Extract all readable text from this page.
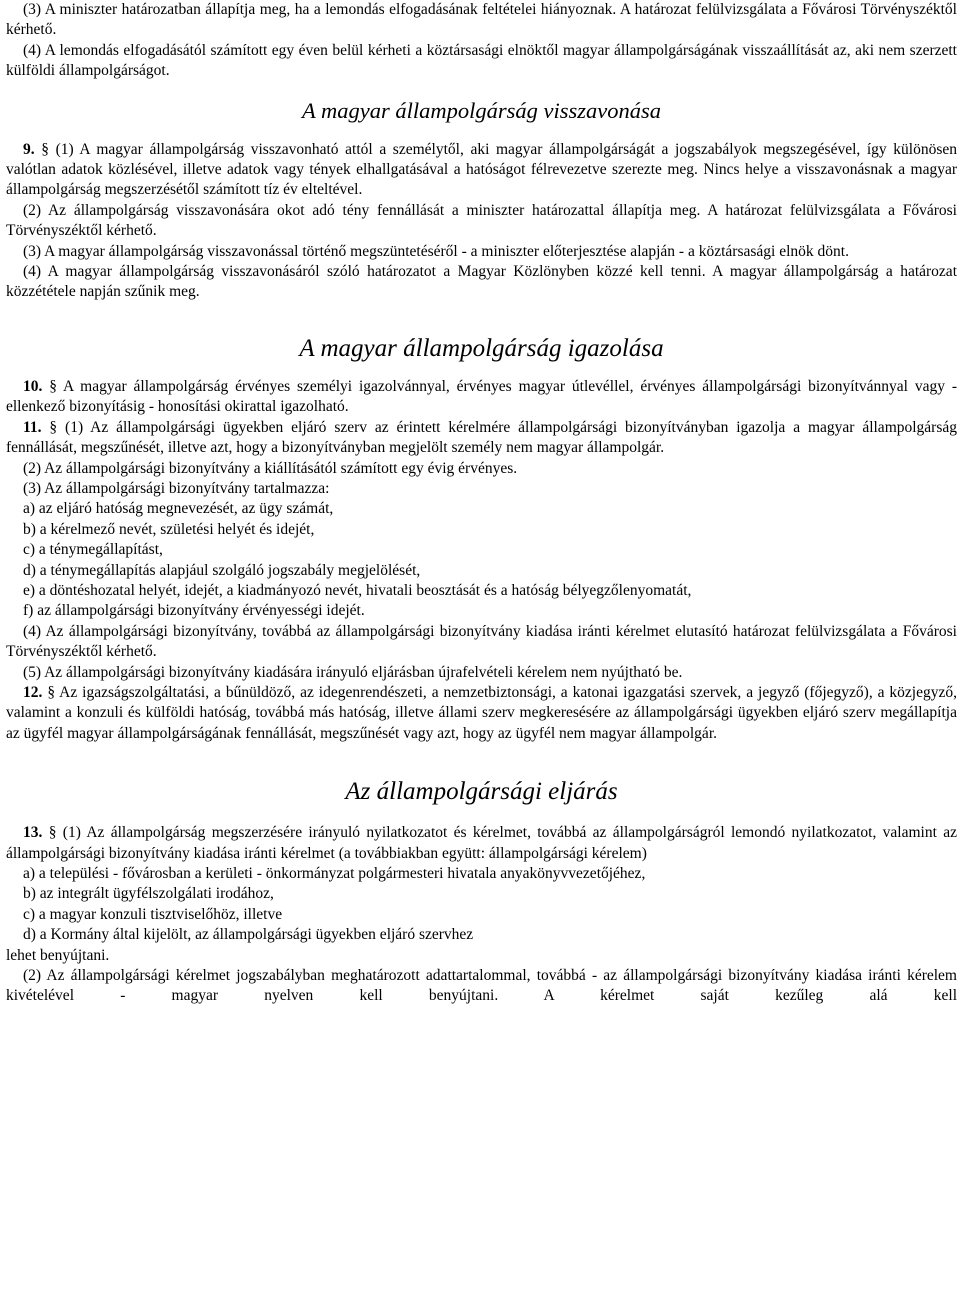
(3) A miniszter határozatban állapítja meg, ha a lemondás elfogadásának feltételei hiányoznak. A határozat felülvizsgálata a Fővárosi Törvényszéktől kérhető.

(4) A lemondás elfogadásától számított egy éven belül kérheti a köztársasági elnöktől magyar állampolgárságának visszaállítását az, aki nem szerzett külföldi állampolgárságot.

A magyar állampolgárság visszavonása

9. § (1) A magyar állampolgárság visszavonható attól a személytől, aki magyar állampolgárságát a jogszabályok megszegésével, így különösen valótlan adatok közlésével, illetve adatok vagy tények elhallgatásával a hatóságot félrevezetve szerezte meg. Nincs helye a visszavonásnak a magyar állampolgárság megszerzésétől számított tíz év elteltével.

(2) Az állampolgárság visszavonására okot adó tény fennállását a miniszter határozattal állapítja meg. A határozat felülvizsgálata a Fővárosi Törvényszéktől kérhető.

(3) A magyar állampolgárság visszavonással történő megszüntetéséről - a miniszter előterjesztése alapján - a köztársasági elnök dönt.

(4) A magyar állampolgárság visszavonásáról szóló határozatot a Magyar Közlönyben közzé kell tenni. A magyar állampolgárság a határozat közzététele napján szűnik meg.

A magyar állampolgárság igazolása

10. § A magyar állampolgárság érvényes személyi igazolvánnyal, érvényes magyar útlevéllel, érvényes állampolgársági bizonyítvánnyal vagy - ellenkező bizonyításig - honosítási okirattal igazolható.

11. § (1) Az állampolgársági ügyekben eljáró szerv az érintett kérelmére állampolgársági bizonyítványban igazolja a magyar állampolgárság fennállását, megszűnését, illetve azt, hogy a bizonyítványban megjelölt személy nem magyar állampolgár.

(2) Az állampolgársági bizonyítvány a kiállításától számított egy évig érvényes.

(3) Az állampolgársági bizonyítvány tartalmazza:

a) az eljáró hatóság megnevezését, az ügy számát,

b) a kérelmező nevét, születési helyét és idejét,

c) a ténymegállapítást,

d) a ténymegállapítás alapjául szolgáló jogszabály megjelölését,

e) a döntéshozatal helyét, idejét, a kiadmányozó nevét, hivatali beosztását és a hatóság bélyegzőlenyomatát,

f) az állampolgársági bizonyítvány érvényességi idejét.

(4) Az állampolgársági bizonyítvány, továbbá az állampolgársági bizonyítvány kiadása iránti kérelmet elutasító határozat felülvizsgálata a Fővárosi Törvényszéktől kérhető.

(5) Az állampolgársági bizonyítvány kiadására irányuló eljárásban újrafelvételi kérelem nem nyújtható be.

12. § Az igazságszolgáltatási, a bűnüldöző, az idegenrendészeti, a nemzetbiztonsági, a katonai igazgatási szervek, a jegyző (főjegyző), a közjegyző, valamint a konzuli és külföldi hatóság, továbbá más hatóság, illetve állami szerv megkeresésére az állampolgársági ügyekben eljáró szerv megállapítja az ügyfél magyar állampolgárságának fennállását, megszűnését vagy azt, hogy az ügyfél nem magyar állampolgár.

Az állampolgársági eljárás

13. § (1) Az állampolgárság megszerzésére irányuló nyilatkozatot és kérelmet, továbbá az állampolgárságról lemondó nyilatkozatot, valamint az állampolgársági bizonyítvány kiadása iránti kérelmet (a továbbiakban együtt: állampolgársági kérelem)

a) a települési - fővárosban a kerületi - önkormányzat polgármesteri hivatala anyakönyvvezetőjéhez,

b) az integrált ügyfélszolgálati irodához,

c) a magyar konzuli tisztviselőhöz, illetve

d) a Kormány által kijelölt, az állampolgársági ügyekben eljáró szervhez

lehet benyújtani.

(2) Az állampolgársági kérelmet jogszabályban meghatározott adattartalommal, továbbá - az állampolgársági bizonyítvány kiadása iránti kérelem kivételével - magyar nyelven kell benyújtani. A kérelmet saját kezűleg alá kell
